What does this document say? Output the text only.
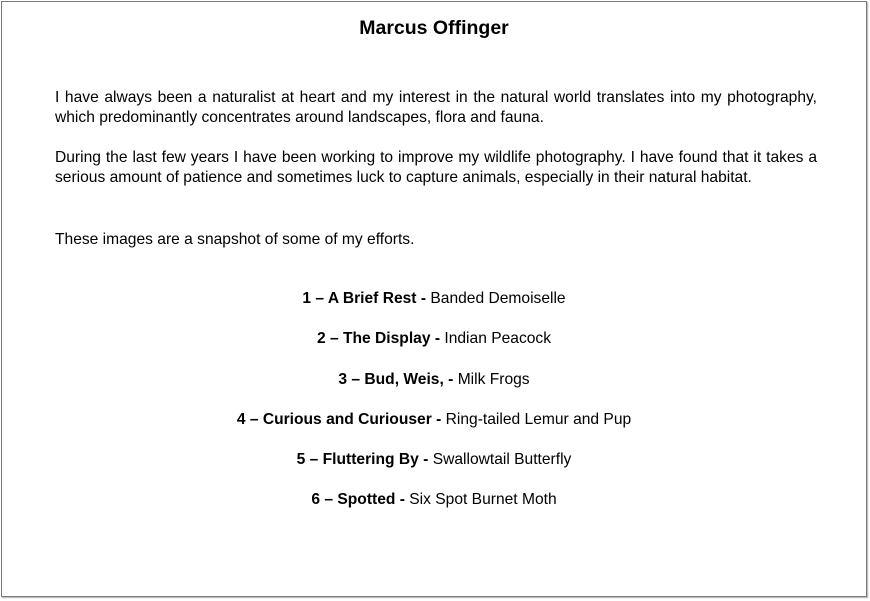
Marcus Offinger

I have always been a naturalist at heart and my interest in the natural world translates into my photography, which predominantly concentrates around landscapes, flora and fauna.

During the last few years I have been working to improve my wildlife photography. I have found that it takes a serious amount of patience and sometimes luck to capture animals, especially in their natural habitat.

These images are a snapshot of some of my efforts.

1 – A Brief Rest - Banded Demoiselle
2 – The Display - Indian Peacock
3 – Bud, Weis, - Milk Frogs
4 – Curious and Curiouser - Ring-tailed Lemur and Pup
5 – Fluttering By - Swallowtail Butterfly
6 – Spotted - Six Spot Burnet Moth
